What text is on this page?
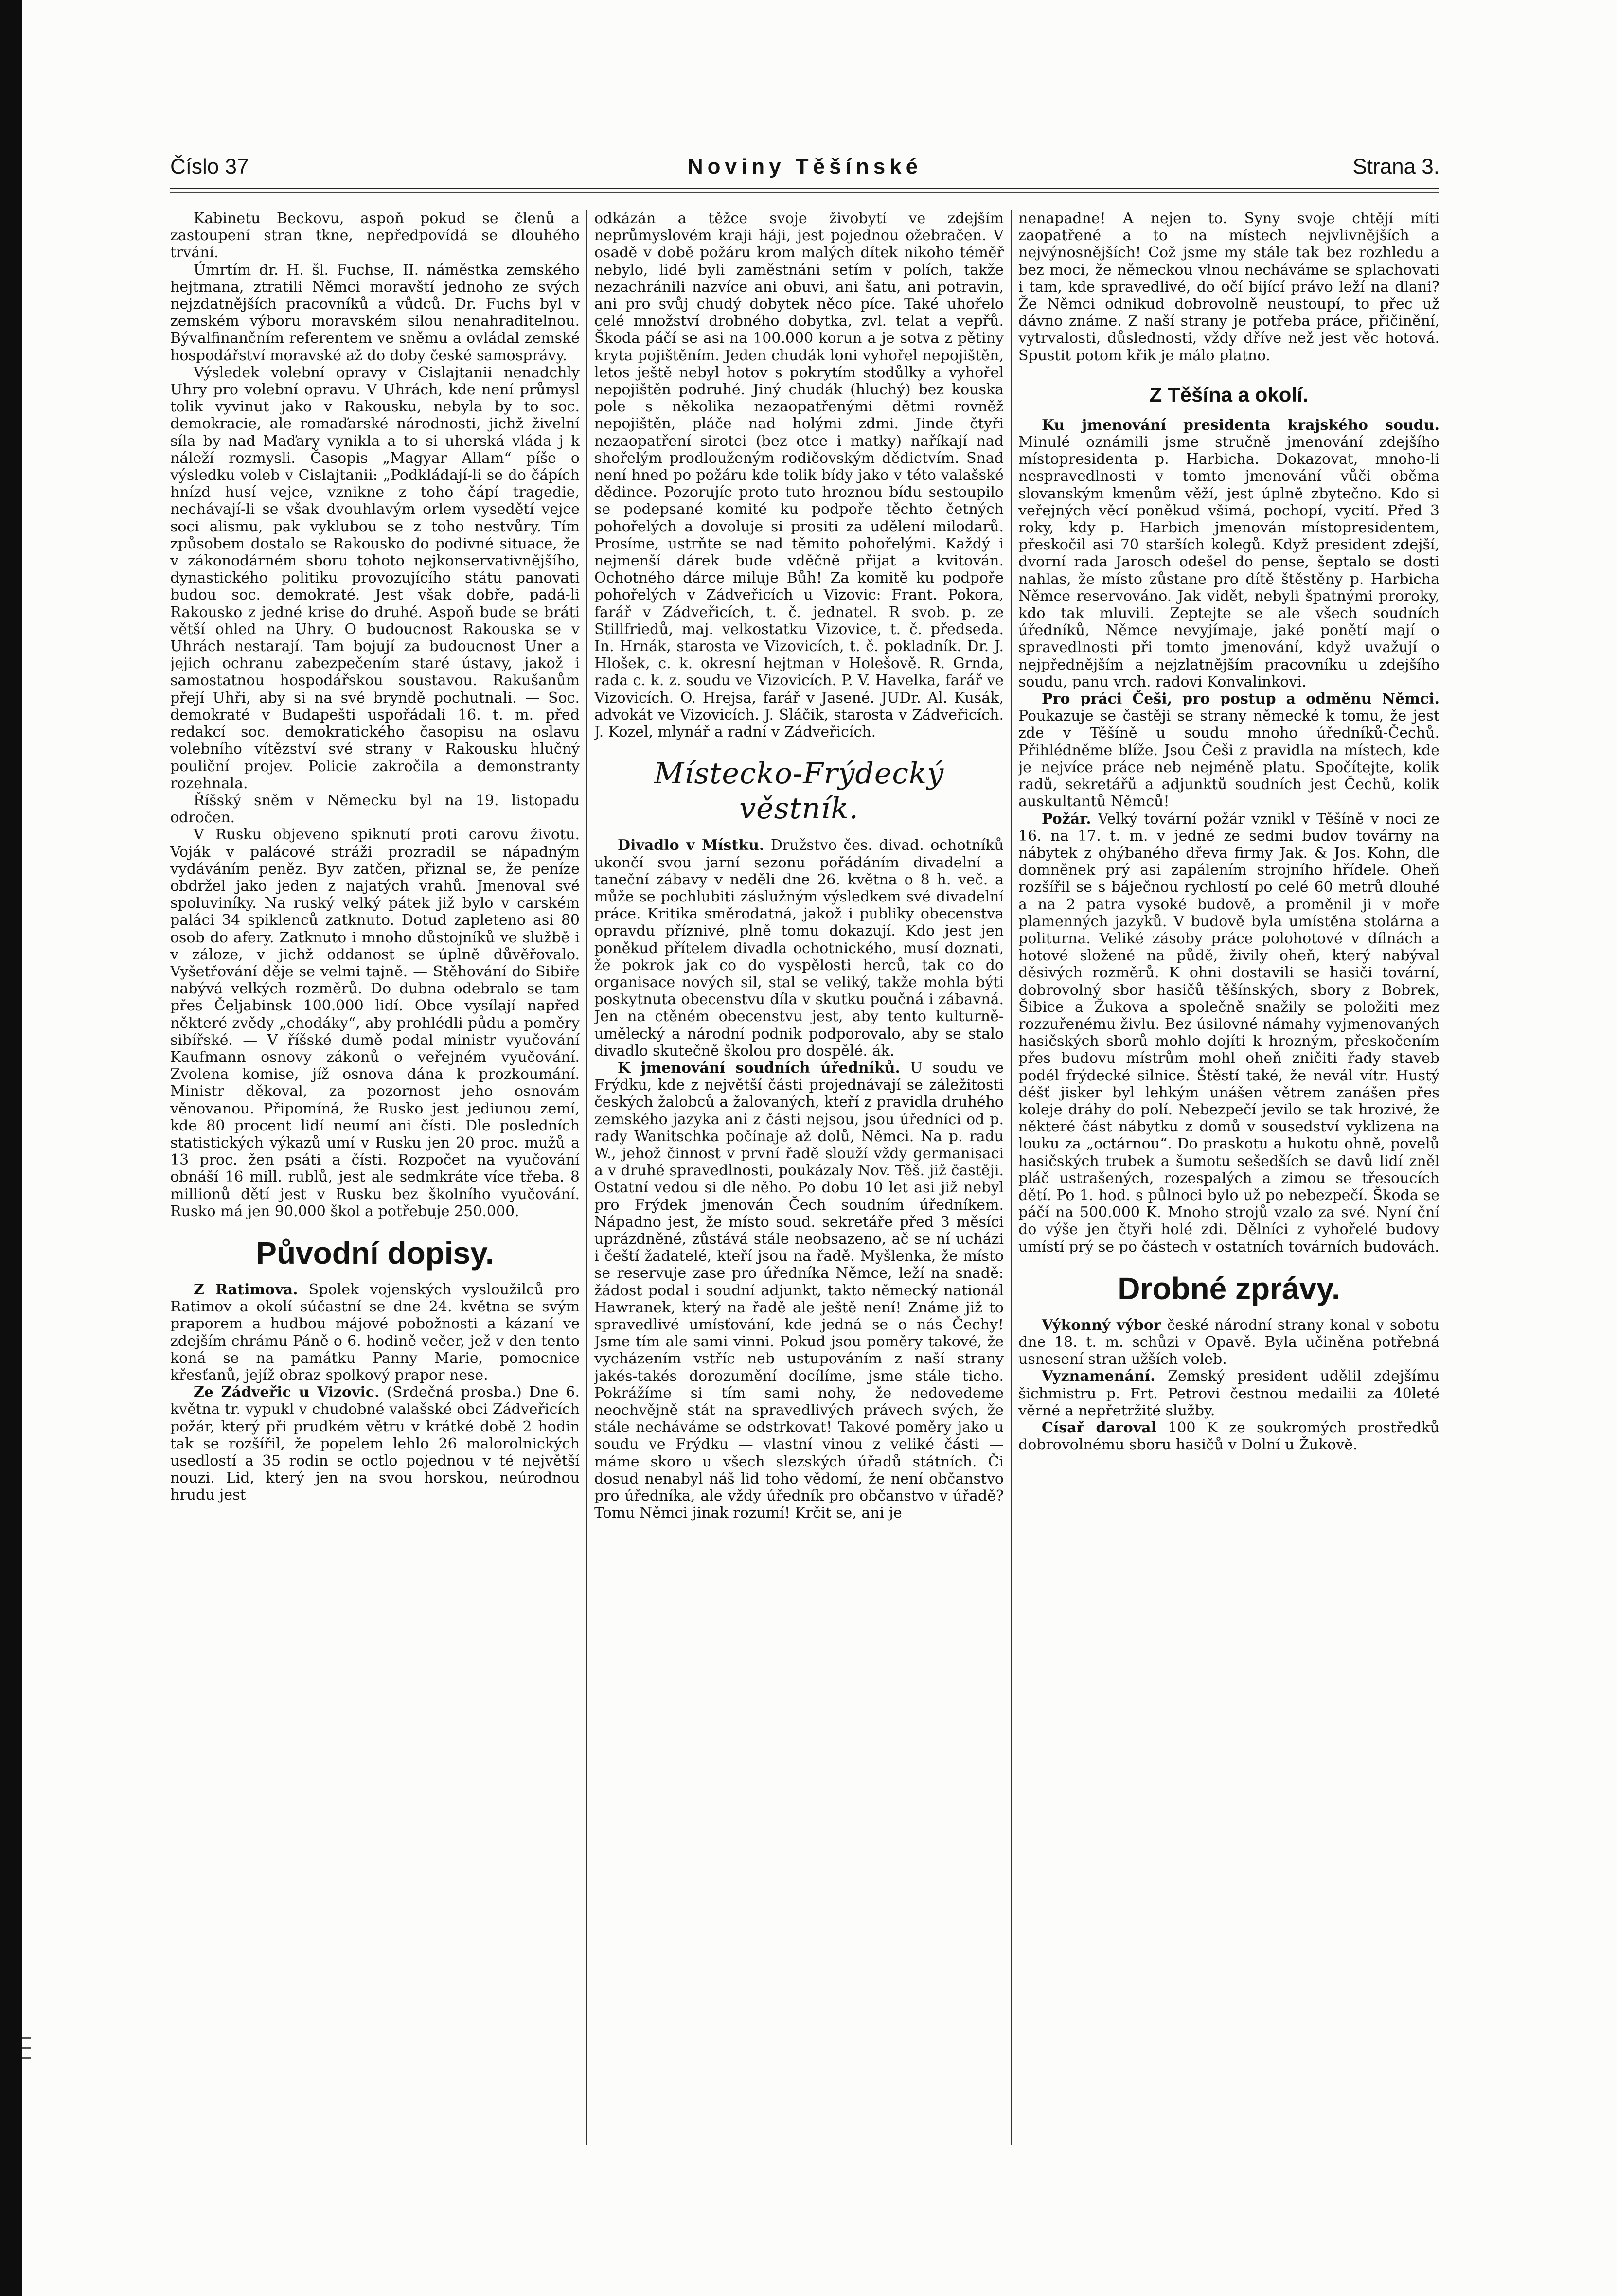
Číslo 37	Noviny Těšínské	Strana 3.

Kabinetu Beckovu, aspoň pokud se členů a zastoupení stran tkne, nepředpovídá se dlouhého trvání.

Úmrtím dr. H. šl. Fuchse, II. náměstka zemského hejtmana, ztratili Němci moravští jednoho ze svých nejzdatnějších pracovníků a vůdců. Dr. Fuchs byl v zemském výboru moravském silou nenahraditelnou. Bývalfinančním referentem ve sněmu a ovládal zemské hospodářství moravské až do doby české samosprávy.

Výsledek volební opravy v Cislajtanii nenadchly Uhry pro volební opravu. V Uhrách, kde není průmysl tolik vyvinut jako v Rakousku, nebyla by to soc. demokracie, ale romaďarské národnosti, jichž živelní síla by nad Maďary vynikla a to si uherská vláda j k náleží rozmysli. Časopis „Magyar Allam“ píše o výsledku voleb v Cislajtanii: „Podkládají-li se do čápích hnízd husí vejce, vznikne z toho čápí tragedie, nechávají-li se však dvouhlavým orlem vysedětí vejce soci alismu, pak vyklubou se z toho nestvůry. Tím způsobem dostalo se Rakousko do podivné situace, že v zákonodárném sboru tohoto nejkonservativnějšího, dynastického politiku provozujícího státu panovati budou soc. demokraté. Jest však dobře, padá-li Rakousko z jedné krise do druhé. Aspoň bude se bráti větší ohled na Uhry. O budoucnost Rakouska se v Uhrách nestarají. Tam bojují za budoucnost Uner a jejich ochranu zabezpečením staré ústavy, jakož i samostatnou hospodářskou soustavou. Rakušanům přejí Uhři, aby si na své bryndě pochutnali. — Soc. demokraté v Budapešti uspořádali 16. t. m. před redakcí soc. demokratického časopisu na oslavu volebního vítězství své strany v Rakousku hlučný pouliční projev. Policie zakročila a demonstranty rozehnala.

Říšský sněm v Německu byl na 19. listopadu odročen.

V Rusku objeveno spiknutí proti carovu životu. Voják v palácové stráži prozradil se nápadným vydáváním peněz. Byv zatčen, přiznal se, že peníze obdržel jako jeden z najatých vrahů. Jmenoval své spoluviníky. Na ruský velký pátek již bylo v carském paláci 34 spiklenců zatknuto. Dotud zapleteno asi 80 osob do afery. Zatknuto i mnoho důstojníků ve službě i v záloze, v jichž oddanost se úplně důvěřovalo. Vyšetřování děje se velmi tajně. — Stěhování do Sibiře nabývá velkých rozměrů. Do dubna odebralo se tam přes Čeljabinsk 100.000 lidí. Obce vysílají napřed některé zvědy „chodáky“, aby prohlédli půdu a poměry sibířské. — V říšské dumě podal ministr vyučování Kaufmann osnovy zákonů o veřejném vyučování. Zvolena komise, jíž osnova dána k prozkoumání. Ministr děkoval, za pozornost jeho osnovám věnovanou. Připomíná, že Rusko jest jediunou zemí, kde 80 procent lidí neumí ani čísti. Dle posledních statistických výkazů umí v Rusku jen 20 proc. mužů a 13 proc. žen psáti a čísti. Rozpočet na vyučování obnáší 16 mill. rublů, jest ale sedmkráte více třeba. 8 millionů dětí jest v Rusku bez školního vyučování. Rusko má jen 90.000 škol a potřebuje 250.000.

Původní dopisy.

Z Ratimova. Spolek vojenských vysloužilců pro Ratimov a okolí súčastní se dne 24. května se svým praporem a hudbou májové pobožnosti a kázaní ve zdejším chrámu Páně o 6. hodině večer, jež v den tento koná se na památku Panny Marie, pomocnice křesťanů, jejíž obraz spolkový prapor nese.

Ze Zádveřic u Vizovic. (Srdečná prosba.) Dne 6. května tr. vypukl v chudobné valašské obci Zádveřicích požár, který při prudkém větru v krátké době 2 hodin tak se rozšířil, že popelem lehlo 26 malorolnických usedlostí a 35 rodin se octlo pojednou v té největší nouzi. Lid, který jen na svou horskou, neúrodnou hrudu jest

odkázán a těžce svoje živobytí ve zdejším neprůmyslovém kraji háji, jest pojednou ožebračen. V osadě v době požáru krom malých dítek nikoho téměř nebylo, lidé byli zaměstnáni setím v polích, takže nezachránili nazvíce ani obuvi, ani šatu, ani potravin, ani pro svůj chudý dobytek něco píce. Také uhořelo celé množství drobného dobytka, zvl. telat a vepřů. Škoda páčí se asi na 100.000 korun a je sotva z pětiny kryta pojištěním. Jeden chudák loni vyhořel nepojištěn, letos ještě nebyl hotov s pokrytím stodůlky a vyhořel nepojištěn podruhé. Jiný chudák (hluchý) bez kouska pole s několika nezaopatřenými dětmi rovněž nepojištěn, pláče nad holými zdmi. Jinde čtyři nezaopatření sirotci (bez otce i matky) naříkají nad shořelým prodlouženým rodičovským dědictvím. Snad není hned po požáru kde tolik bídy jako v této valašské dědince. Pozorujíc proto tuto hroznou bídu sestoupilo se podepsané komité ku podpoře těchto četných pohořelých a dovoluje si prositi za udělení milodarů. Prosíme, ustrňte se nad těmito pohořelými. Každý i nejmenší dárek bude vděčně přijat a kvitován. Ochotného dárce miluje Bůh! Za komitě ku podpoře pohořelých v Zádveřicích u Vizovic: Frant. Pokora, farář v Zádveřicích, t. č. jednatel. R svob. p. ze Stillfriedů, maj. velkostatku Vizovice, t. č. předseda. In. Hrnák, starosta ve Vizovicích, t. č. pokladník. Dr. J. Hlošek, c. k. okresní hejtman v Holešově. R. Grnda, rada c. k. z. soudu ve Vizovicích. P. V. Havelka, farář ve Vizovicích. O. Hrejsa, farář v Jasené. JUDr. Al. Kusák, advokát ve Vizovicích. J. Sláčik, starosta v Zádveřicích. J. Kozel, mlynář a radní v Zádveřicích.

Místecko-Frýdecký věstník.

Divadlo v Místku. Družstvo čes. divad. ochotníků ukončí svou jarní sezonu pořádáním divadelní a taneční zábavy v neděli dne 26. května o 8 h. več. a může se pochlubiti záslužným výsledkem své divadelní práce. Kritika směrodatná, jakož i publiky obecenstva opravdu příznivé, plně tomu dokazují. Kdo jest jen poněkud přítelem divadla ochotnického, musí doznati, že pokrok jak co do vyspělosti herců, tak co do organisace nových sil, stal se veliký, takže mohla býti poskytnuta obecenstvu díla v skutku poučná i zábavná. Jen na ctěném obecenstvu jest, aby tento kulturně-umělecký a národní podnik podporovalo, aby se stalo divadlo skutečně školou pro dospělé. ák.

K jmenování soudních úředníků. U soudu ve Frýdku, kde z největší části projednávají se záležitosti českých žalobců a žalovaných, kteří z pravidla druhého zemského jazyka ani z části nejsou, jsou úředníci od p. rady Wanitschka počínaje až dolů, Němci. Na p. radu W., jehož činnost v první řadě slouží vždy germanisaci a v druhé spravedlnosti, poukázaly Nov. Těš. již častěji. Ostatní vedou si dle něho. Po dobu 10 let asi již nebyl pro Frýdek jmenován Čech soudním úředníkem. Nápadno jest, že místo soud. sekretáře před 3 měsíci uprázdněné, zůstává stále neobsazeno, ač se ní ucházi i čeští žadatelé, kteří jsou na řadě. Myšlenka, že místo se reservuje zase pro úředníka Němce, leží na snadě: žádost podal i soudní adjunkt, takto německý nationál Hawranek, který na řadě ale ještě není! Známe již to spravedlivé umísťování, kde jedná se o nás Čechy! Jsme tím ale sami vinni. Pokud jsou poměry takové, že vycházením vstříc neb ustupováním z naší strany jakés-takés dorozumění docílíme, jsme stále ticho. Pokrážíme si tím sami nohy, že nedovedeme neochvějně stát na spravedlivých právech svých, že stále necháváme se odstrkovat! Takové poměry jako u soudu ve Frýdku — vlastní vinou z veliké části — máme skoro u všech slezských úřadů státních. Či dosud nenabyl náš lid toho vědomí, že není občanstvo pro úředníka, ale vždy úředník pro občanstvo v úřadě? Tomu Němci jinak rozumí! Krčit se, ani je

nenapadne! A nejen to. Syny svoje chtějí míti zaopatřené a to na místech nejvlivnějších a nejvýnosnějších! Což jsme my stále tak bez rozhledu a bez moci, že německou vlnou necháváme se splachovati i tam, kde spravedlivé, do očí bijící právo leží na dlani? Že Němci odnikud dobrovolně neustoupí, to přec už dávno známe. Z naší strany je potřeba práce, přičinění, vytrvalosti, důslednosti, vždy dříve než jest věc hotová. Spustit potom křik je málo platno.

Z Těšína a okolí.

Ku jmenování presidenta krajského soudu. Minulé oznámili jsme stručně jmenování zdejšího místopresidenta p. Harbicha. Dokazovat, mnoho-li nespravedlnosti v tomto jmenování vůči oběma slovanským kmenům věží, jest úplně zbytečno. Kdo si veřejných věcí poněkud všimá, pochopí, vycití. Před 3 roky, kdy p. Harbich jmenován místopresidentem, přeskočil asi 70 starších kolegů. Když president zdejší, dvorní rada Jarosch odešel do pense, šeptalo se dosti nahlas, že místo zůstane pro dítě štěstěny p. Harbicha Němce reservováno. Jak vidět, nebyli špatnými proroky, kdo tak mluvili. Zeptejte se ale všech soudních úředníků, Němce nevyjímaje, jaké ponětí mají o spravedlnosti při tomto jmenování, když uvažují o nejpřednějším a nejzlatnějším pracovníku u zdejšího soudu, panu vrch. radovi Konvalinkovi.

Pro práci Češi, pro postup a odměnu Němci. Poukazuje se častěji se strany německé k tomu, že jest zde v Těšíně u soudu mnoho úředníků-Čechů. Přihlédněme blíže. Jsou Češi z pravidla na místech, kde je nejvíce práce neb nejméně platu. Spočítejte, kolik radů, sekretářů a adjunktů soudních jest Čechů, kolik auskultantů Němců!

Požár. Velký tovární požár vznikl v Těšíně v noci ze 16. na 17. t. m. v jedné ze sedmi budov továrny na nábytek z ohýbaného dřeva firmy Jak. & Jos. Kohn, dle domněnek prý asi zapálením strojního hřídele. Oheň rozšířil se s báječnou rychlostí po celé 60 metrů dlouhé a na 2 patra vysoké budově, a proměnil ji v moře plamenných jazyků. V budově byla umístěna stolárna a politurna. Veliké zásoby práce polohotové v dílnách a hotové složené na půdě, živily oheň, který nabýval děsivých rozměrů. K ohni dostavili se hasiči tovární, dobrovolný sbor hasičů těšínských, sbory z Bobrek, Šibice a Žukova a společně snažily se položiti mez rozzuřenému živlu. Bez úsilovné námahy vyjmenovaných hasičských sborů mohlo dojíti k hrozným, přeskočením přes budovu místrům mohl oheň zničiti řady staveb podél frýdecké silnice. Štěstí také, že nevál vítr. Hustý déšť jisker byl lehkým unášen větrem zanášen přes koleje dráhy do polí. Nebezpečí jevilo se tak hrozivé, že některé část nábytku z domů v sousedství vyklizena na louku za „octárnou“. Do praskotu a hukotu ohně, povelů hasičských trubek a šumotu sešedších se davů lidí zněl pláč ustrašených, rozespalých a zimou se třesoucích dětí. Po 1. hod. s půlnoci bylo už po nebezpečí. Škoda se páčí na 500.000 K. Mnoho strojů vzalo za své. Nyní ční do výše jen čtyři holé zdi. Dělníci z vyhořelé budovy umístí prý se po částech v ostatních továrních budovách.

Drobné zprávy.

Výkonný výbor české národní strany konal v sobotu dne 18. t. m. schůzi v Opavě. Byla učiněna potřebná usnesení stran užších voleb.

Vyznamenání. Zemský president udělil zdejšímu šichmistru p. Frt. Petrovi čestnou medailii za 40leté věrné a nepřetržité služby.

Císař daroval 100 K ze soukromých prostředků dobrovolnému sboru hasičů v Dolní u Žukově.
